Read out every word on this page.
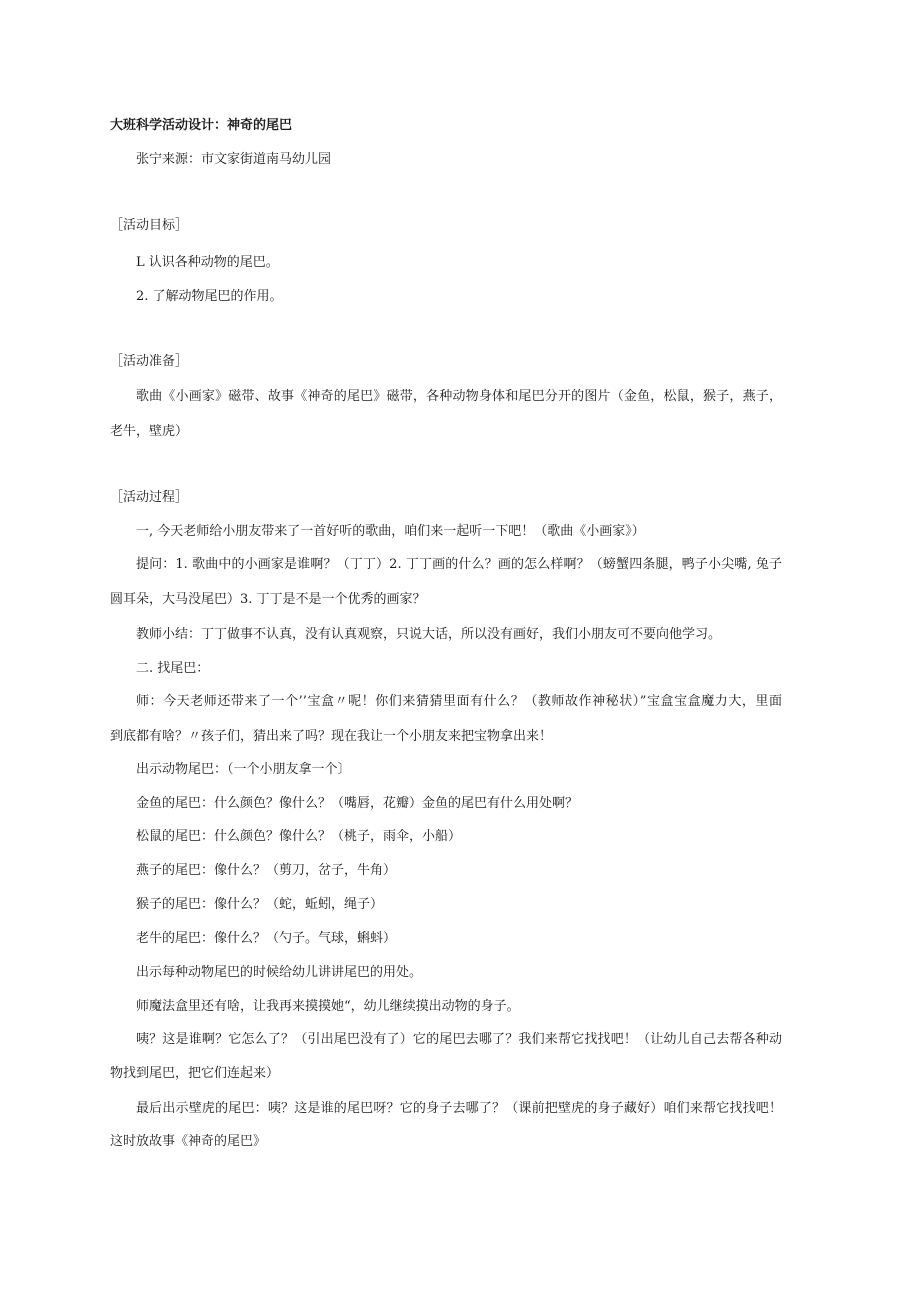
大班科学活动设计：神奇的尾巴
张宁来源：市文家街道南马幼儿园
［活动目标］
L 认识各种动物的尾巴。
2. 了解动物尾巴的作用。
［活动准备］
歌曲《小画家》磁带、故事《神奇的尾巴》磁带，各种动物身体和尾巴分开的图片（金鱼，松鼠，猴子，燕子，
老牛，壁虎）
［活动过程］
一, 今天老师给小朋友带来了一首好听的歌曲，咱们来一起听一下吧！（歌曲《小画家》）
提问：1. 歌曲中的小画家是谁啊？（丁丁）2. 丁丁画的什么？画的怎么样啊？（螃蟹四条腿，鸭子小尖嘴, 兔子
圆耳朵，大马没尾巴）3. 丁丁是不是一个优秀的画家？
教师小结：丁丁做事不认真，没有认真观察，只说大话，所以没有画好，我们小朋友可不要向他学习。
二. 找尾巴：
师：今天老师还带来了一个’’宝盒〃呢！你们来猜猜里面有什么？（教师故作神秘状）”宝盒宝盒魔力大，里面
到底都有啥？〃孩子们，猜出来了吗？现在我让一个小朋友来把宝物拿出来！
出示动物尾巴：（一个小朋友拿一个〕
金鱼的尾巴：什么颜色？像什么？（嘴唇，花瓣）金鱼的尾巴有什么用处啊？
松鼠的尾巴：什么颜色？像什么？（桃子，雨伞，小船）
燕子的尾巴：像什么？（剪刀，岔子，牛角）
猴子的尾巴：像什么？（蛇，蚯蚓，绳子）
老牛的尾巴：像什么？（勺子。气球，蝌蚪）
出示每种动物尾巴的时候给幼儿讲讲尾巴的用处。
师魔法盒里还有啥，让我再来摸摸她“，幼儿继续摸出动物的身子。
咦？这是谁啊？它怎么了？（引出尾巴没有了）它的尾巴去哪了？我们来帮它找找吧！（让幼儿自己去帮各种动
物找到尾巴，把它们连起来）
最后出示壁虎的尾巴：咦？这是谁的尾巴呀？它的身子去哪了？（课前把壁虎的身子藏好）咱们来帮它找找吧！
这时放故事《神奇的尾巴》
